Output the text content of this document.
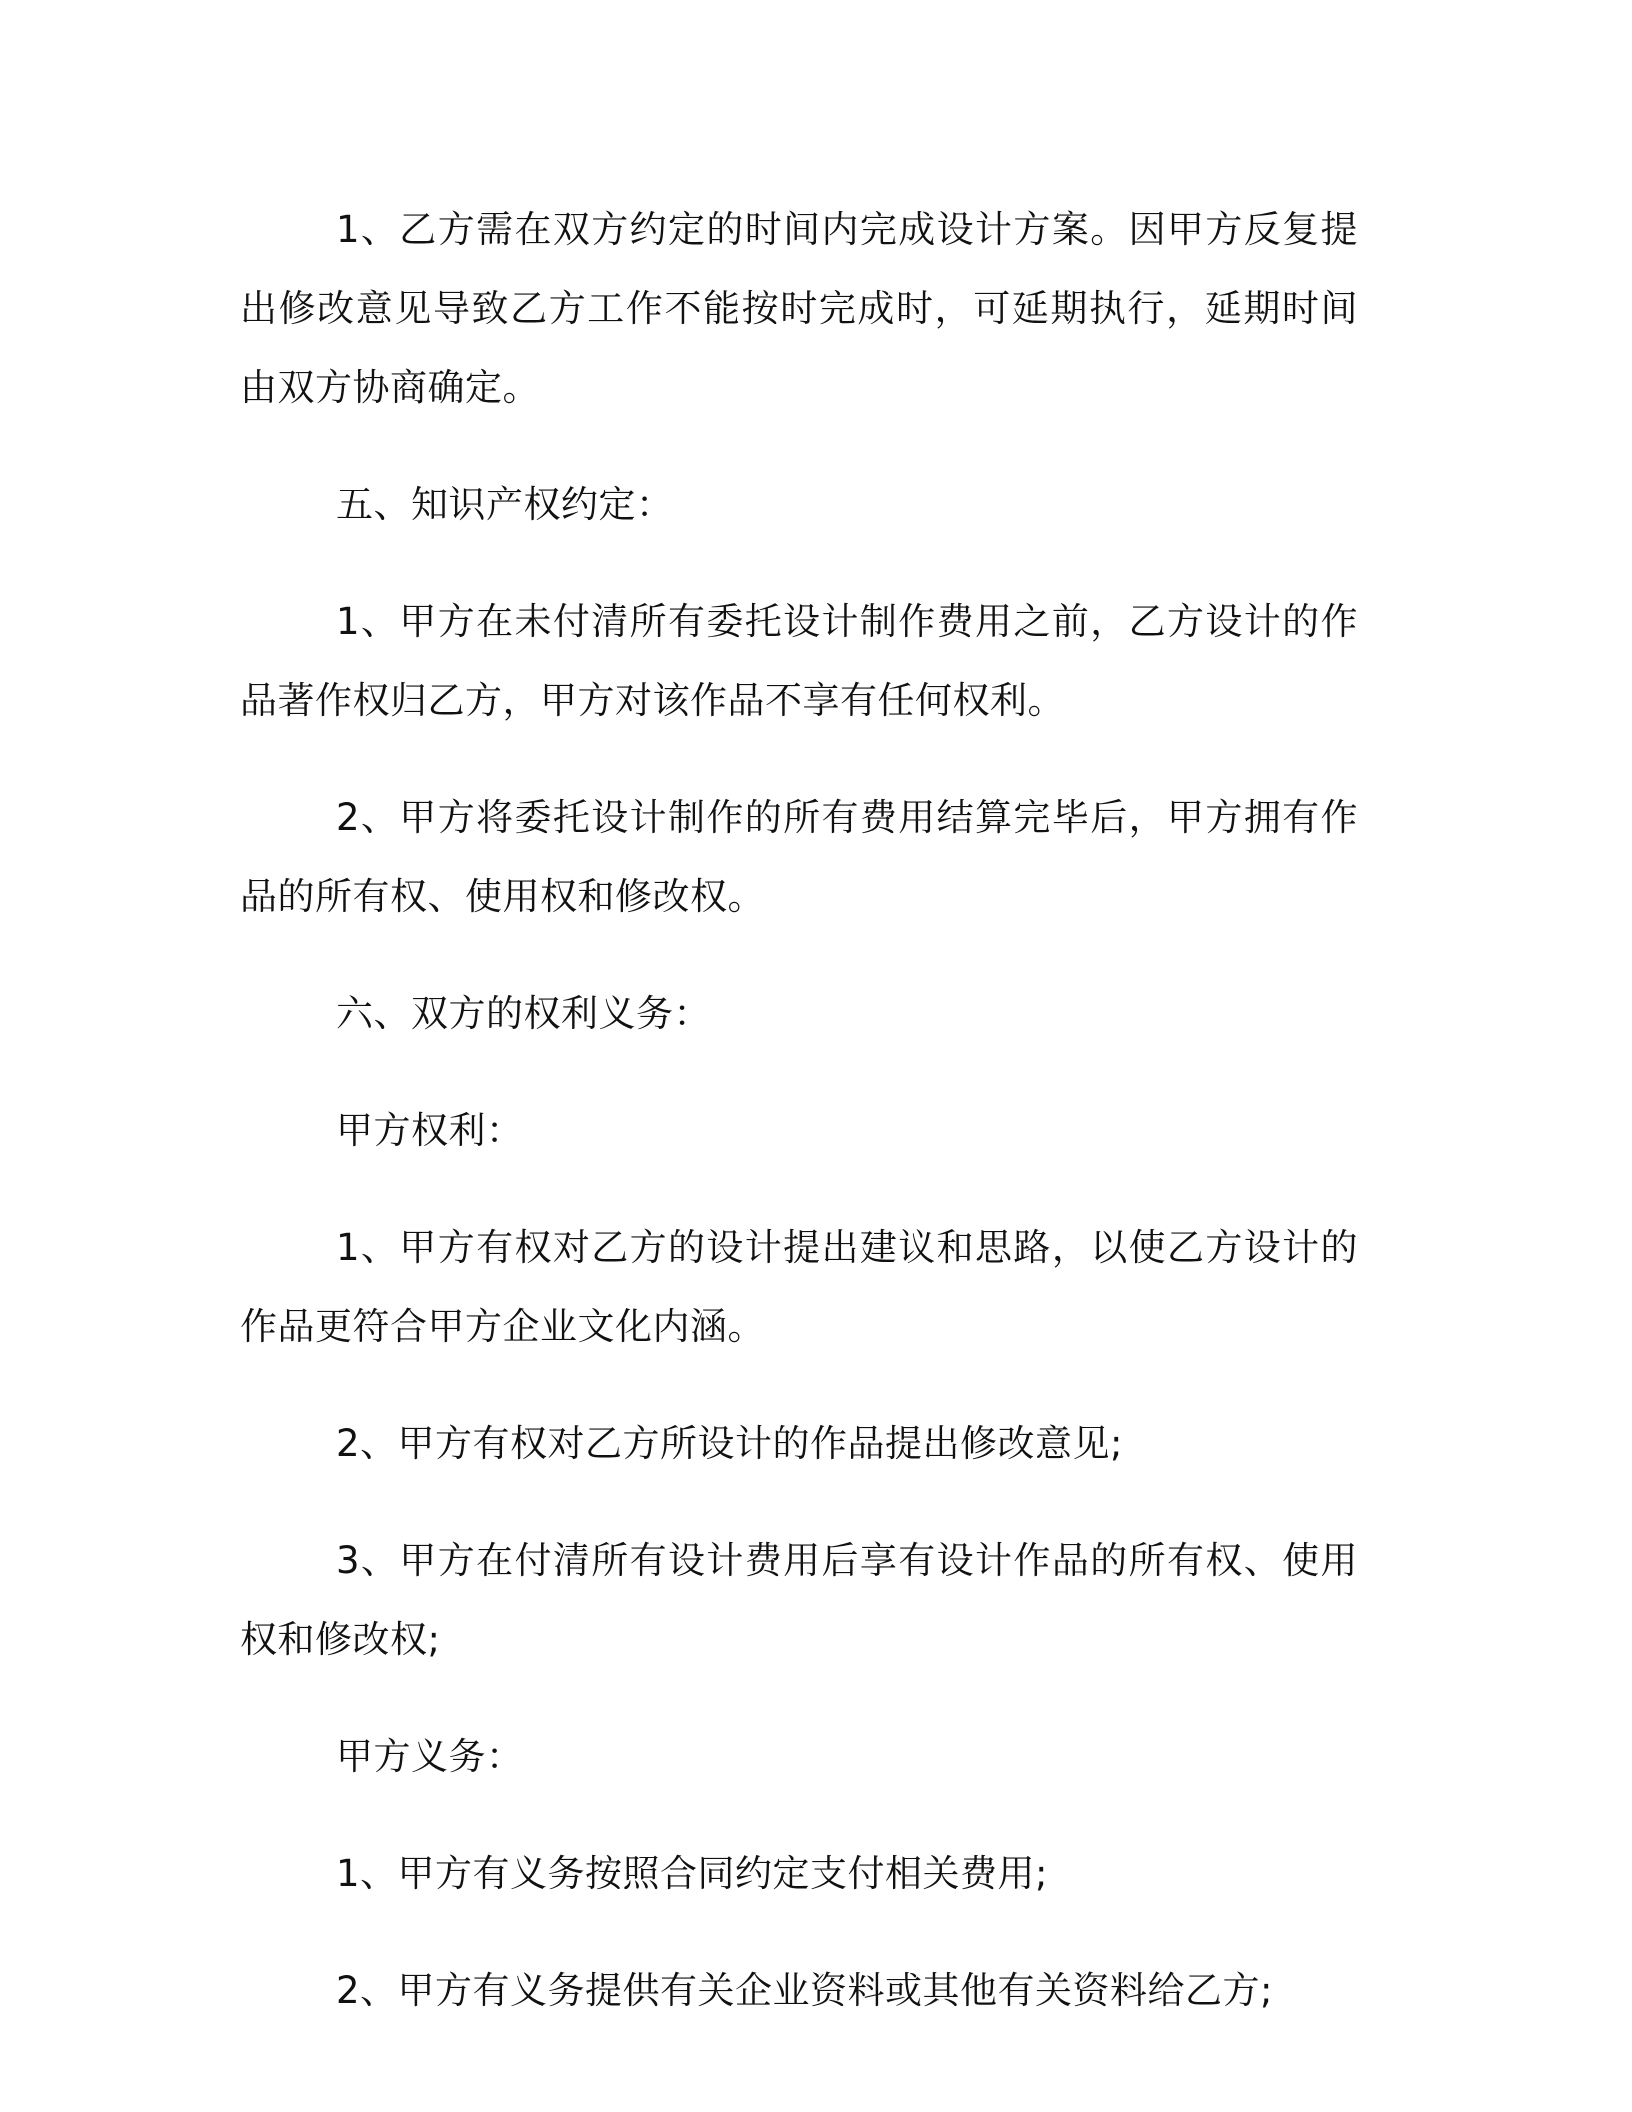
1、乙方需在双方约定的时间内完成设计方案。因甲方反复提出修改意见导致乙方工作不能按时完成时，可延期执行，延期时间由双方协商确定。

五、知识产权约定：

1、甲方在未付清所有委托设计制作费用之前，乙方设计的作品著作权归乙方，甲方对该作品不享有任何权利。

2、甲方将委托设计制作的所有费用结算完毕后，甲方拥有作品的所有权、使用权和修改权。

六、双方的权利义务：

甲方权利：

1、甲方有权对乙方的设计提出建议和思路，以使乙方设计的作品更符合甲方企业文化内涵。

2、甲方有权对乙方所设计的作品提出修改意见;

3、甲方在付清所有设计费用后享有设计作品的所有权、使用权和修改权;

甲方义务：

1、甲方有义务按照合同约定支付相关费用;

2、甲方有义务提供有关企业资料或其他有关资料给乙方;
